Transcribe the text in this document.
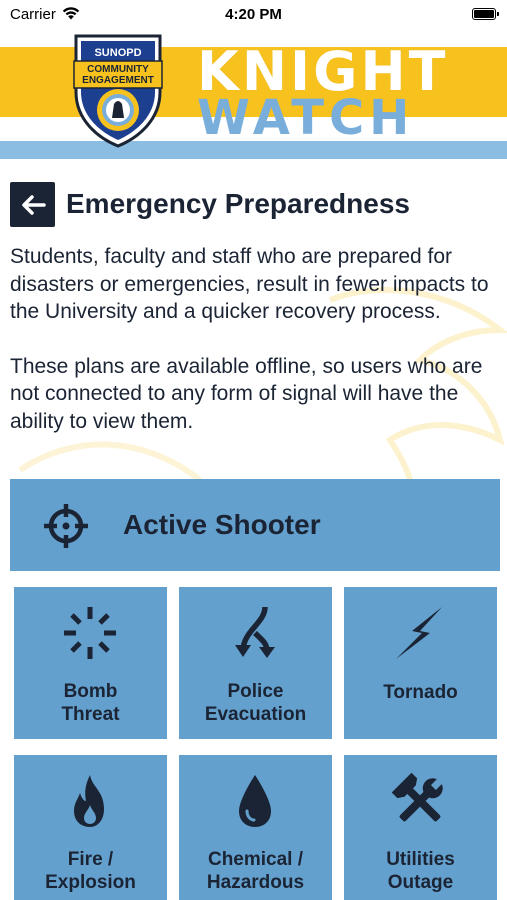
Carrier	4:20 PM
SUNOPD
COMMUNITY
ENGAGEMENT KNIGHT
WATCH
Emergency Preparedness

Students, faculty and staff who are prepared for disasters or emergencies, result in fewer impacts to the University and a quicker recovery process.

These plans are available offline, so users who are not connected to any form of signal will have the ability to view them.

Active Shooter
Bomb
Threat
Police
Evacuation
Tornado
Fire /
Explosion
Chemical /
Hazardous
Utilities
Outage
